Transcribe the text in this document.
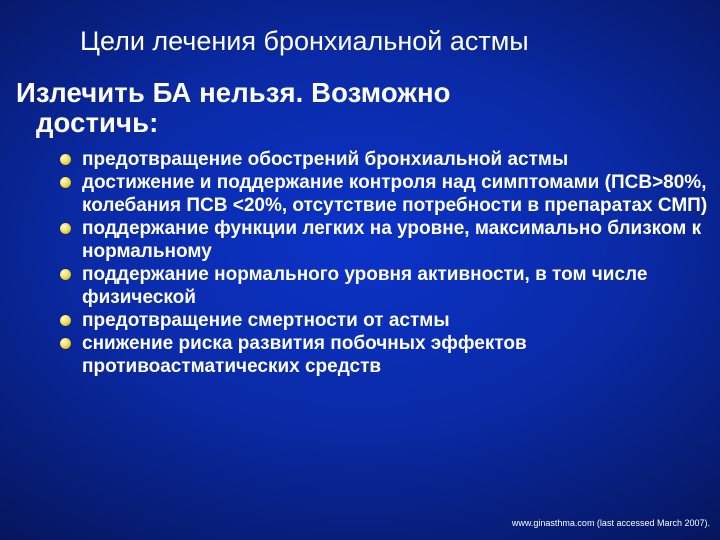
Цели лечения бронхиальной астмы
Излечить БА нельзя. Возможно
достичь:
предотвращение обострений бронхиальной астмы
достижение и поддержание контроля над симптомами (ПСВ>80%, колебания ПСВ <20%, отсутствие потребности в препаратах СМП)
поддержание функции легких на уровне, максимально близком к нормальному
поддержание нормального уровня активности, в том числе физической
предотвращение смертности от астмы
снижение риска развития побочных эффектов противоастматических средств
www.ginasthma.com (last accessed March 2007).
